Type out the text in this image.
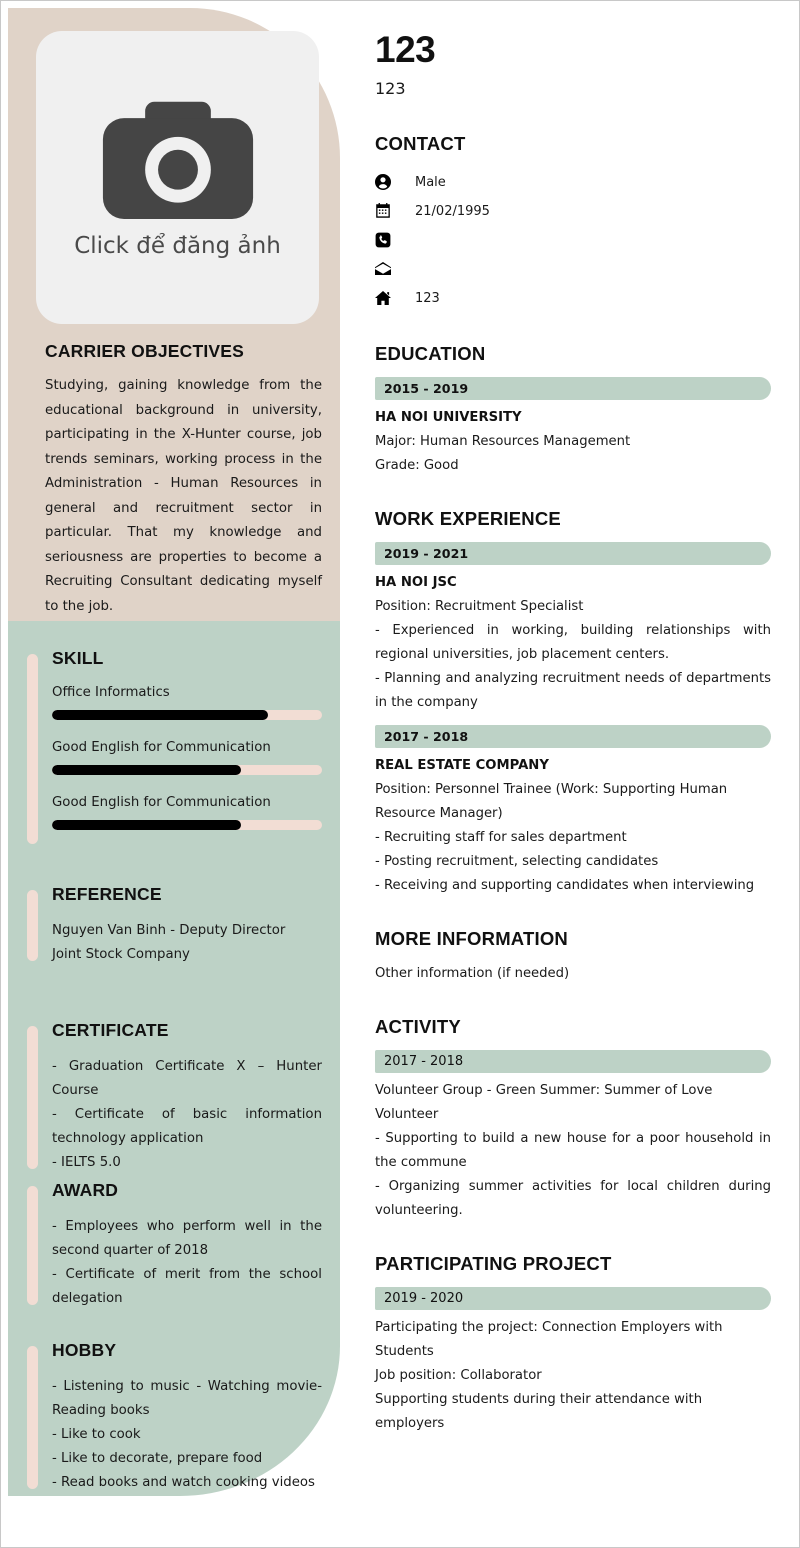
Click để đăng ảnh
CARRIER OBJECTIVES

Studying, gaining knowledge from the educational background in university, participating in the X-Hunter course, job trends seminars, working process in the Administration - Human Resources in general and recruitment sector in particular. That my knowledge and seriousness are properties to become a Recruiting Consultant dedicating myself to the job.

SKILL
Office Informatics
Good English for Communication
Good English for Communication
REFERENCE
Nguyen Van Binh - Deputy Director
Joint Stock Company
CERTIFICATE
- Graduation Certificate X – Hunter Course
- Certificate of basic information technology application
- IELTS 5.0
AWARD
- Employees who perform well in the second quarter of 2018
- Certificate of merit from the school delegation
HOBBY
- Listening to music - Watching movie- Reading books
- Like to cook
- Like to decorate, prepare food
- Read books and watch cooking videos
123
123
CONTACT
Male
21/02/1995
123
EDUCATION
2015 - 2019
HA NOI UNIVERSITY
Major: Human Resources Management
Grade: Good
WORK EXPERIENCE
2019 - 2021
HA NOI JSC
Position: Recruitment Specialist
- Experienced in working, building relationships with regional universities, job placement centers.
- Planning and analyzing recruitment needs of departments in the company
2017 - 2018
REAL ESTATE COMPANY
Position: Personnel Trainee (Work: Supporting Human Resource Manager)
- Recruiting staff for sales department
- Posting recruitment, selecting candidates
- Receiving and supporting candidates when interviewing
MORE INFORMATION
Other information (if needed)
ACTIVITY
2017 - 2018
Volunteer Group - Green Summer: Summer of Love
Volunteer
- Supporting to build a new house for a poor household in the commune
- Organizing summer activities for local children during volunteering.
PARTICIPATING PROJECT
2019 - 2020
Participating the project: Connection Employers with Students
Job position: Collaborator
Supporting students during their attendance with employers
